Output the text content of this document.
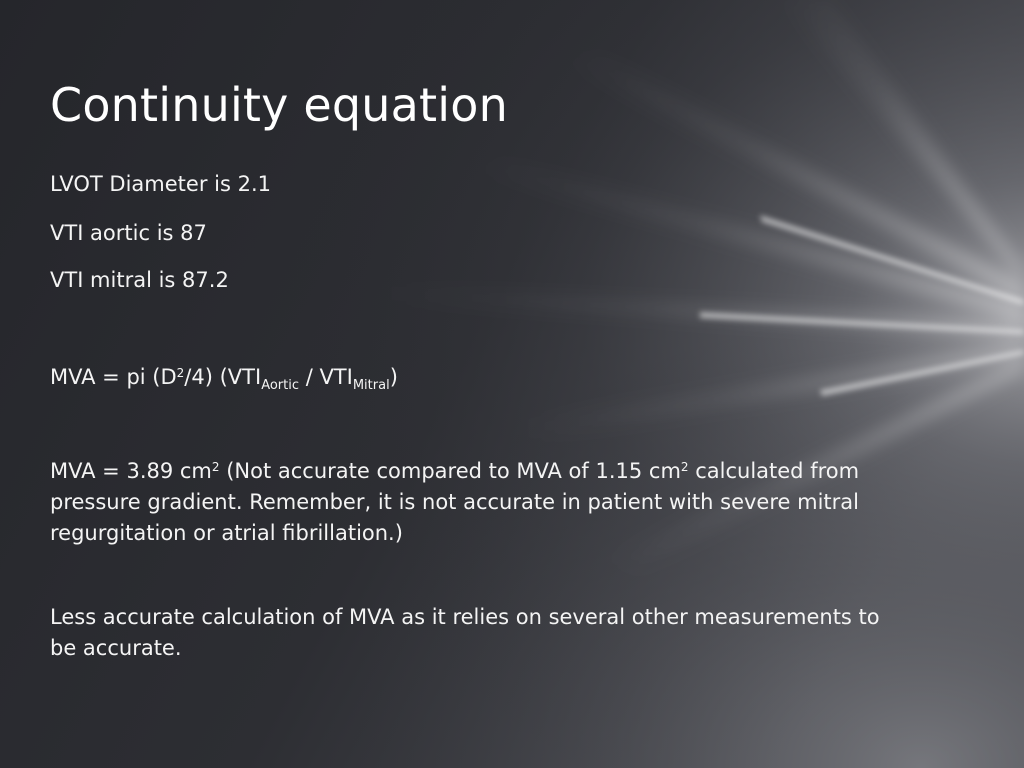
Continuity equation

LVOT Diameter is 2.1

VTI aortic is 87

VTI mitral is 87.2

MVA = pi $(D^2/4)$ $(VTI_{Aortic} / VTI_{Mitral})$

MVA = 3.89 $cm^2$ (Not accurate compared to MVA of 1.15 $cm^2$ calculated from pressure gradient. Remember, it is not accurate in patient with severe mitral regurgitation or atrial fibrillation.)

Less accurate calculation of MVA as it relies on several other measurements to be accurate.
